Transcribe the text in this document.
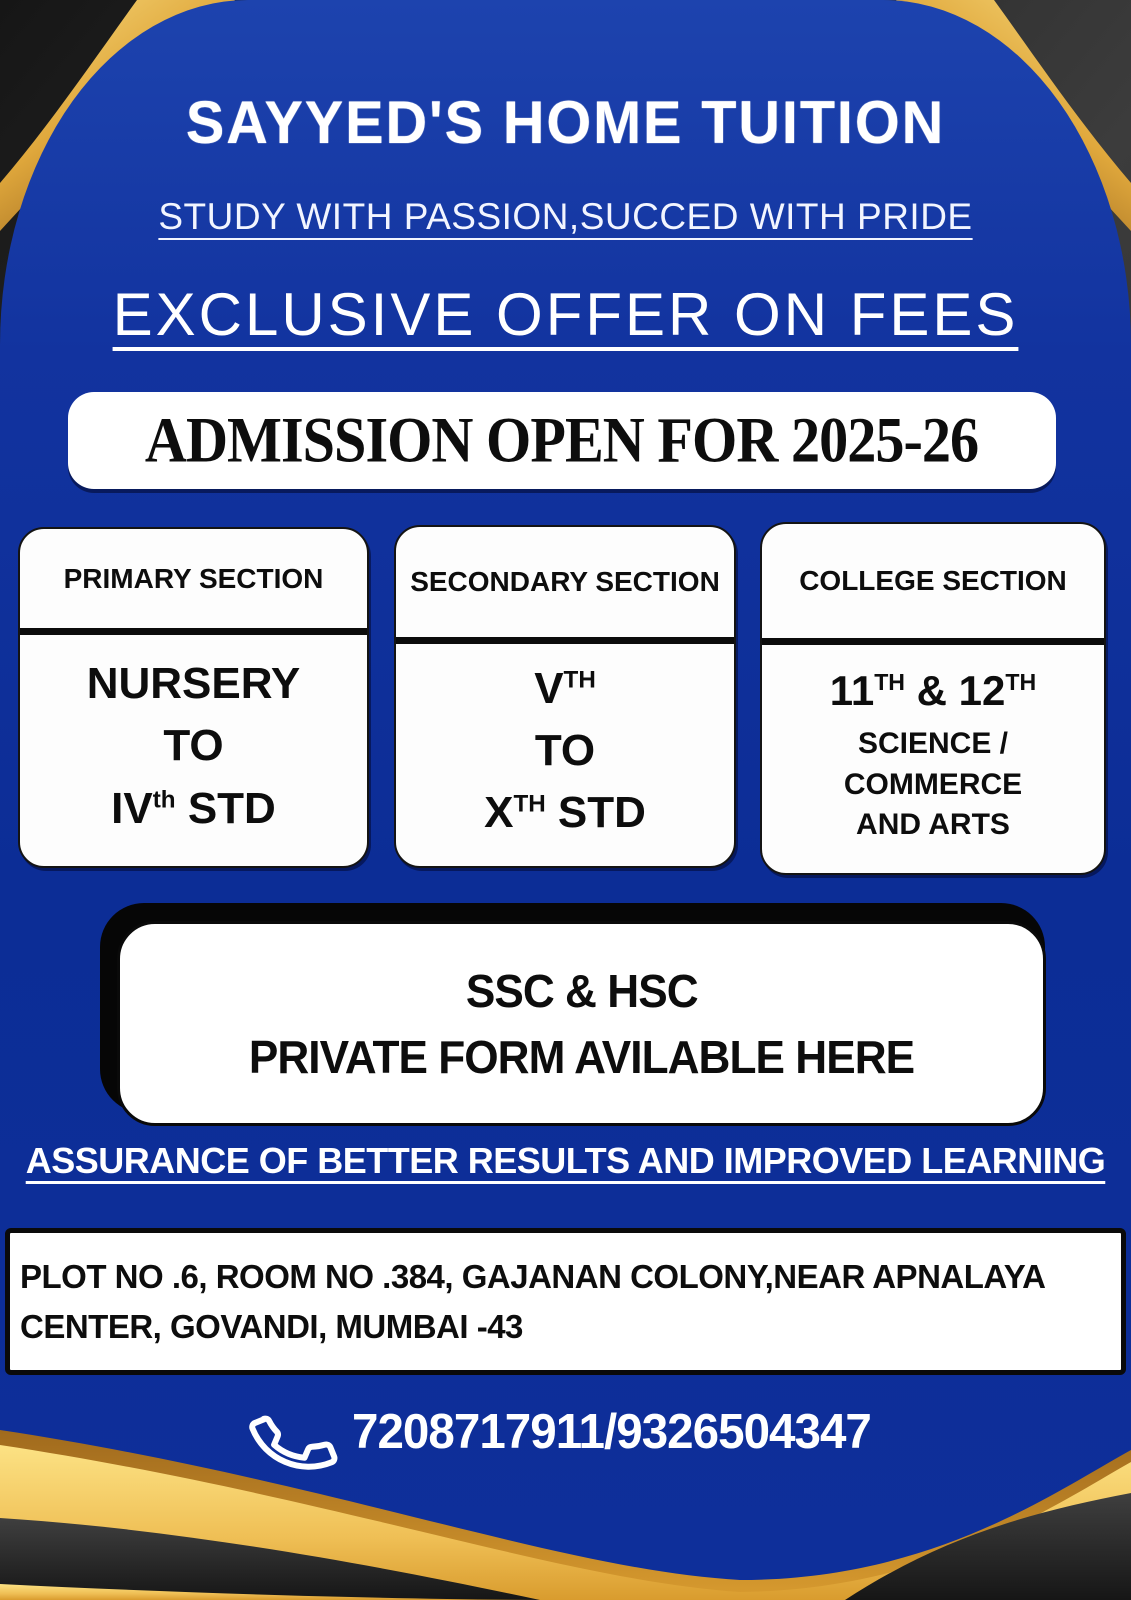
SAYYED'S HOME TUITION
STUDY WITH PASSION,SUCCED WITH PRIDE
EXCLUSIVE OFFER ON FEES
ADMISSION OPEN FOR 2025-26
PRIMARY SECTION
NURSERY
TO
IVth STD
SECONDARY SECTION
VTH
TO
XTH STD
COLLEGE SECTION
11TH & 12TH
SCIENCE /
COMMERCE
AND ARTS
SSC & HSC
PRIVATE FORM AVILABLE HERE
ASSURANCE OF BETTER RESULTS AND IMPROVED LEARNING

PLOT NO .6, ROOM NO .384, GAJANAN COLONY,NEAR APNALAYA CENTER, GOVANDI, MUMBAI -43

7208717911/9326504347
